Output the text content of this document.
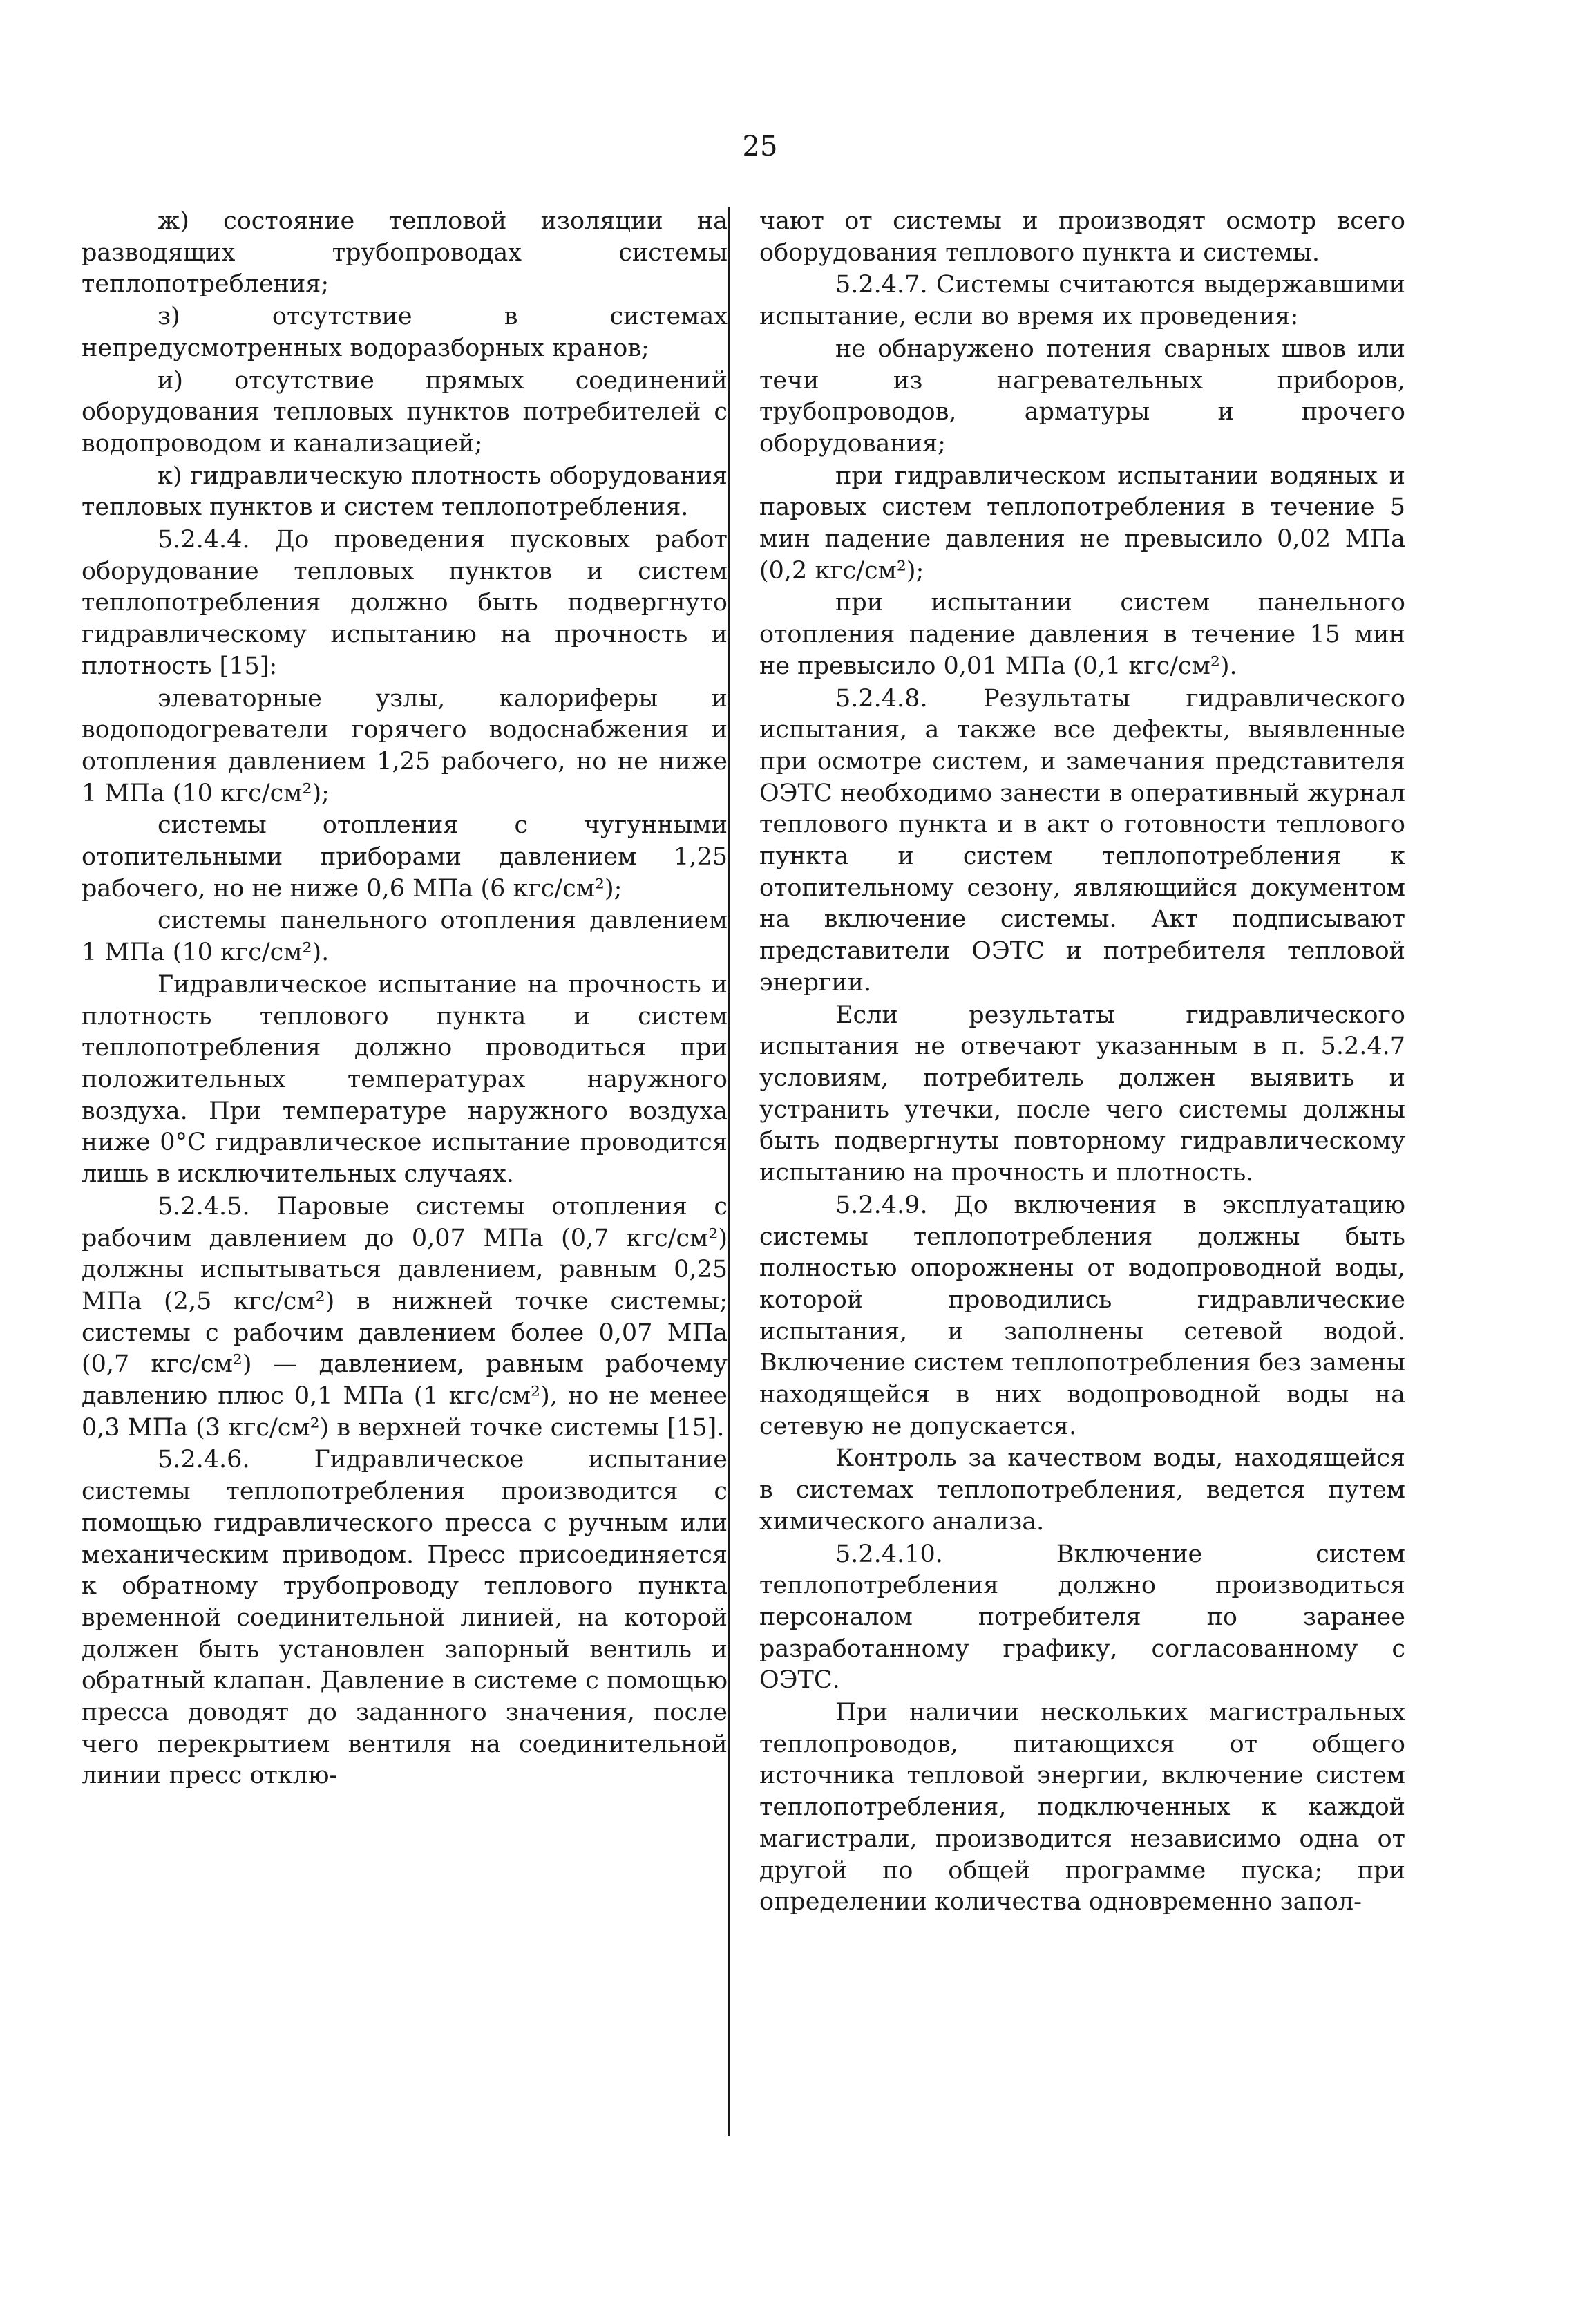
25

ж) состояние тепловой изоляции на разводящих трубопроводах системы теплопотребления;

з) отсутствие в системах непредусмотренных водоразборных кранов;

и) отсутствие прямых соединений оборудования тепловых пунктов потребителей с водопроводом и канализацией;

к) гидравлическую плотность оборудования тепловых пунктов и систем теплопотребления.

5.2.4.4. До проведения пусковых работ оборудование тепловых пунктов и систем теплопотребления должно быть подвергнуто гидравлическому испытанию на прочность и плотность [15]:

элеваторные узлы, калориферы и водоподогреватели горячего водоснабжения и отопления давлением 1,25 рабочего, но не ниже 1 МПа (10 кгс/см²);

системы отопления с чугунными отопительными приборами давлением 1,25 рабочего, но не ниже 0,6 МПа (6 кгс/см²);

системы панельного отопления давлением 1 МПа (10 кгс/см²).

Гидравлическое испытание на прочность и плотность теплового пункта и систем теплопотребления должно проводиться при положительных температурах наружного воздуха. При температуре наружного воздуха ниже 0°C гидравлическое испытание проводится лишь в исключительных случаях.

5.2.4.5. Паровые системы отопления с рабочим давлением до 0,07 МПа (0,7 кгс/см²) должны испытываться давлением, равным 0,25 МПа (2,5 кгс/см²) в нижней точке системы; системы с рабочим давлением более 0,07 МПа (0,7 кгс/см²) — давлением, равным рабочему давлению плюс 0,1 МПа (1 кгс/см²), но не менее 0,3 МПа (3 кгс/см²) в верхней точке системы [15].

5.2.4.6. Гидравлическое испытание системы теплопотребления производится с помощью гидравлического пресса с ручным или механическим приводом. Пресс присоединяется к обратному трубопроводу теплового пункта временной соединительной линией, на которой должен быть установлен запорный вентиль и обратный клапан. Давление в системе с помощью пресса доводят до заданного значения, после чего перекрытием вентиля на соединительной линии пресс отклю-

чают от системы и производят осмотр всего оборудования теплового пункта и системы.

5.2.4.7. Системы считаются выдержавшими испытание, если во время их проведения:

не обнаружено потения сварных швов или течи из нагревательных приборов, трубопроводов, арматуры и прочего оборудования;

при гидравлическом испытании водяных и паровых систем теплопотребления в течение 5 мин падение давления не превысило 0,02 МПа (0,2 кгс/см²);

при испытании систем панельного отопления падение давления в течение 15 мин не превысило 0,01 МПа (0,1 кгс/см²).

5.2.4.8. Результаты гидравлического испытания, а также все дефекты, выявленные при осмотре систем, и замечания представителя ОЭТС необходимо занести в оперативный журнал теплового пункта и в акт о готовности теплового пункта и систем теплопотребления к отопительному сезону, являющийся документом на включение системы. Акт подписывают представители ОЭТС и потребителя тепловой энергии.

Если результаты гидравлического испытания не отвечают указанным в п. 5.2.4.7 условиям, потребитель должен выявить и устранить утечки, после чего системы должны быть подвергнуты повторному гидравлическому испытанию на прочность и плотность.

5.2.4.9. До включения в эксплуатацию системы теплопотребления должны быть полностью опорожнены от водопроводной воды, которой проводились гидравлические испытания, и заполнены сетевой водой. Включение систем теплопотребления без замены находящейся в них водопроводной воды на сетевую не допускается.

Контроль за качеством воды, находящейся в системах теплопотребления, ведется путем химического анализа.

5.2.4.10. Включение систем теплопотребления должно производиться персоналом потребителя по заранее разработанному графику, согласованному с ОЭТС.

При наличии нескольких магистральных теплопроводов, питающихся от общего источника тепловой энергии, включение систем теплопотребления, подключенных к каждой магистрали, производится независимо одна от другой по общей программе пуска; при определении количества одновременно запол-
